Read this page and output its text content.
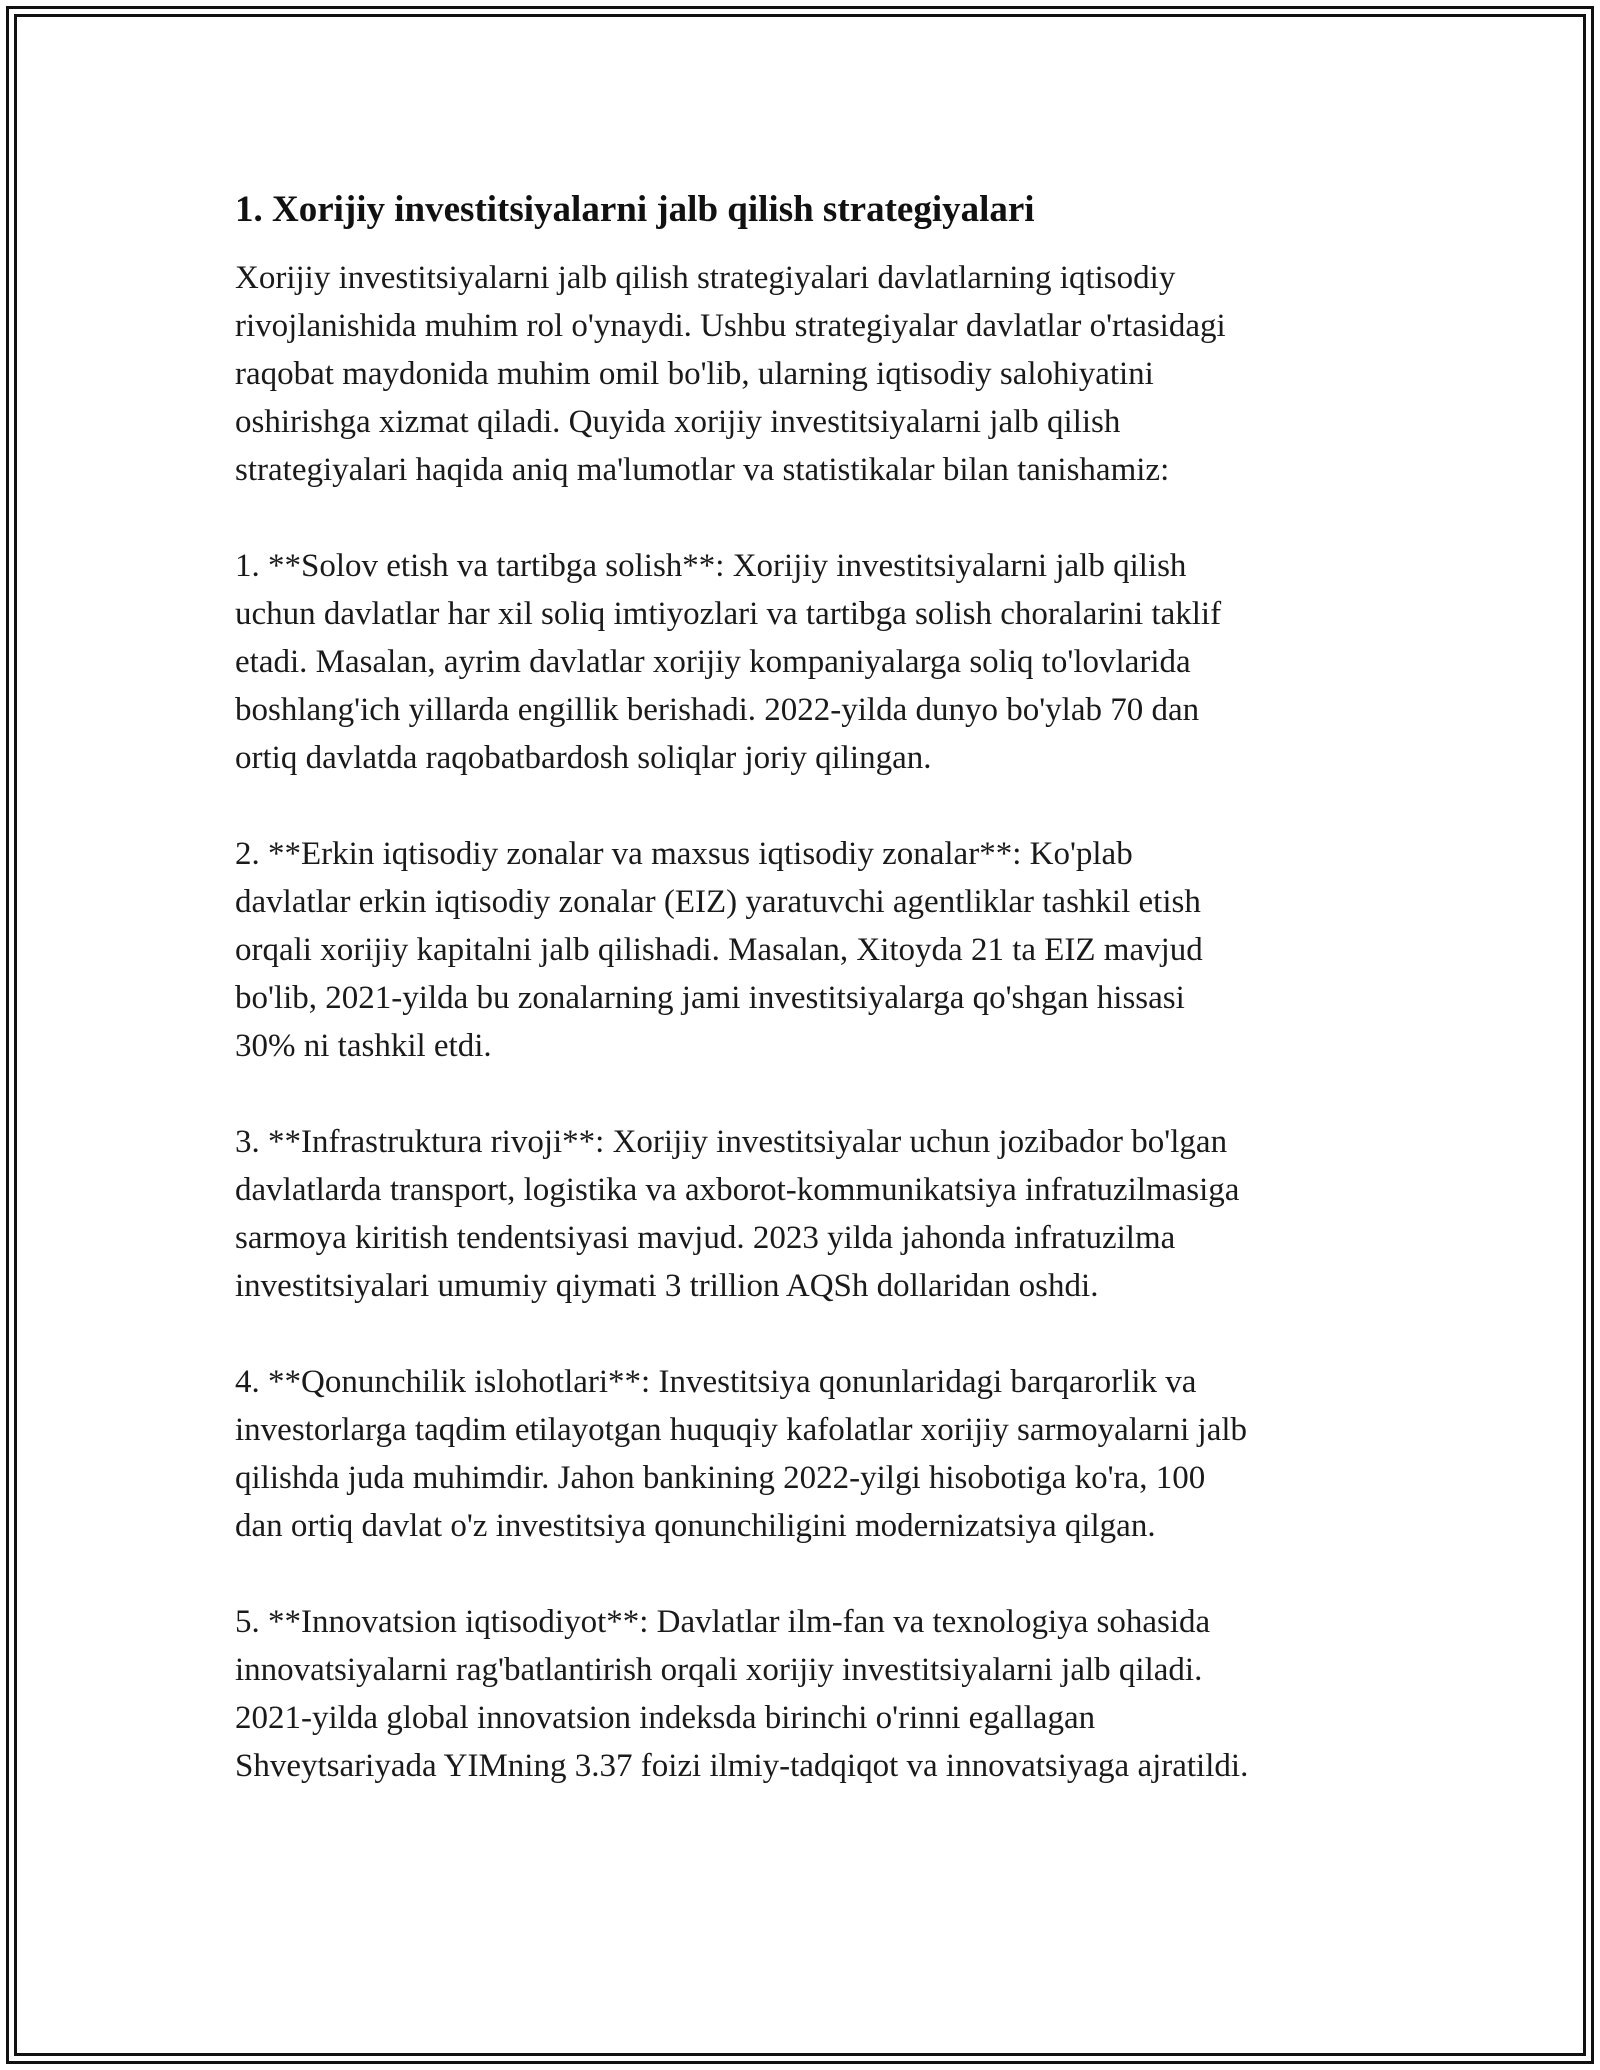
1. Xorijiy investitsiyalarni jalb qilish strategiyalari

Xorijiy investitsiyalarni jalb qilish strategiyalari davlatlarning iqtisodiy
rivojlanishida muhim rol o'ynaydi. Ushbu strategiyalar davlatlar o'rtasidagi
raqobat maydonida muhim omil bo'lib, ularning iqtisodiy salohiyatini
oshirishga xizmat qiladi. Quyida xorijiy investitsiyalarni jalb qilish
strategiyalari haqida aniq ma'lumotlar va statistikalar bilan tanishamiz:

1. **Solov etish va tartibga solish**: Xorijiy investitsiyalarni jalb qilish
uchun davlatlar har xil soliq imtiyozlari va tartibga solish choralarini taklif
etadi. Masalan, ayrim davlatlar xorijiy kompaniyalarga soliq to'lovlarida
boshlang'ich yillarda engillik berishadi. 2022-yilda dunyo bo'ylab 70 dan
ortiq davlatda raqobatbardosh soliqlar joriy qilingan.

2. **Erkin iqtisodiy zonalar va maxsus iqtisodiy zonalar**: Ko'plab
davlatlar erkin iqtisodiy zonalar (EIZ) yaratuvchi agentliklar tashkil etish
orqali xorijiy kapitalni jalb qilishadi. Masalan, Xitoyda 21 ta EIZ mavjud
bo'lib, 2021-yilda bu zonalarning jami investitsiyalarga qo'shgan hissasi
30% ni tashkil etdi.

3. **Infrastruktura rivoji**: Xorijiy investitsiyalar uchun jozibador bo'lgan
davlatlarda transport, logistika va axborot-kommunikatsiya infratuzilmasiga
sarmoya kiritish tendentsiyasi mavjud. 2023 yilda jahonda infratuzilma
investitsiyalari umumiy qiymati 3 trillion AQSh dollaridan oshdi.

4. **Qonunchilik islohotlari**: Investitsiya qonunlaridagi barqarorlik va
investorlarga taqdim etilayotgan huquqiy kafolatlar xorijiy sarmoyalarni jalb
qilishda juda muhimdir. Jahon bankining 2022-yilgi hisobotiga ko'ra, 100
dan ortiq davlat o'z investitsiya qonunchiligini modernizatsiya qilgan.

5. **Innovatsion iqtisodiyot**: Davlatlar ilm-fan va texnologiya sohasida
innovatsiyalarni rag'batlantirish orqali xorijiy investitsiyalarni jalb qiladi.
2021-yilda global innovatsion indeksda birinchi o'rinni egallagan
Shveytsariyada YIMning 3.37 foizi ilmiy-tadqiqot va innovatsiyaga ajratildi.
